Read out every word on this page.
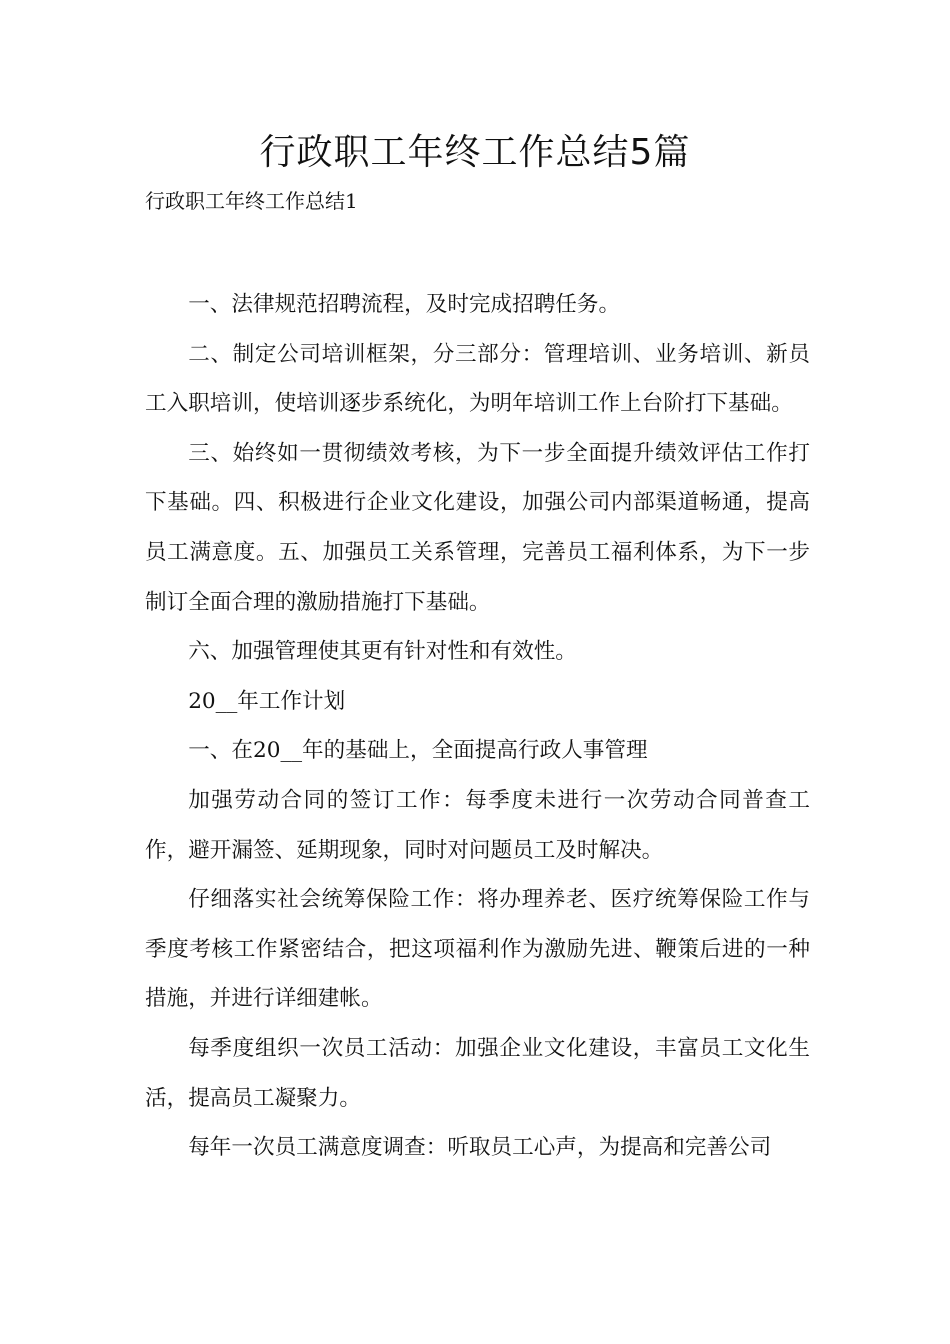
行政职工年终工作总结5篇
行政职工年终工作总结1

一、法律规范招聘流程，及时完成招聘任务。

二、制定公司培训框架，分三部分：管理培训、业务培训、新员工入职培训，使培训逐步系统化，为明年培训工作上台阶打下基础。

三、始终如一贯彻绩效考核，为下一步全面提升绩效评估工作打下基础。四、积极进行企业文化建设，加强公司内部渠道畅通，提高员工满意度。五、加强员工关系管理，完善员工福利体系，为下一步制订全面合理的激励措施打下基础。

六、加强管理使其更有针对性和有效性。

20__年工作计划

一、在20__年的基础上，全面提高行政人事管理

加强劳动合同的签订工作：每季度未进行一次劳动合同普查工作，避开漏签、延期现象，同时对问题员工及时解决。

仔细落实社会统筹保险工作：将办理养老、医疗统筹保险工作与季度考核工作紧密结合，把这项福利作为激励先进、鞭策后进的一种措施，并进行详细建帐。

每季度组织一次员工活动：加强企业文化建设，丰富员工文化生活，提高员工凝聚力。

每年一次员工满意度调查：听取员工心声，为提高和完善公司
